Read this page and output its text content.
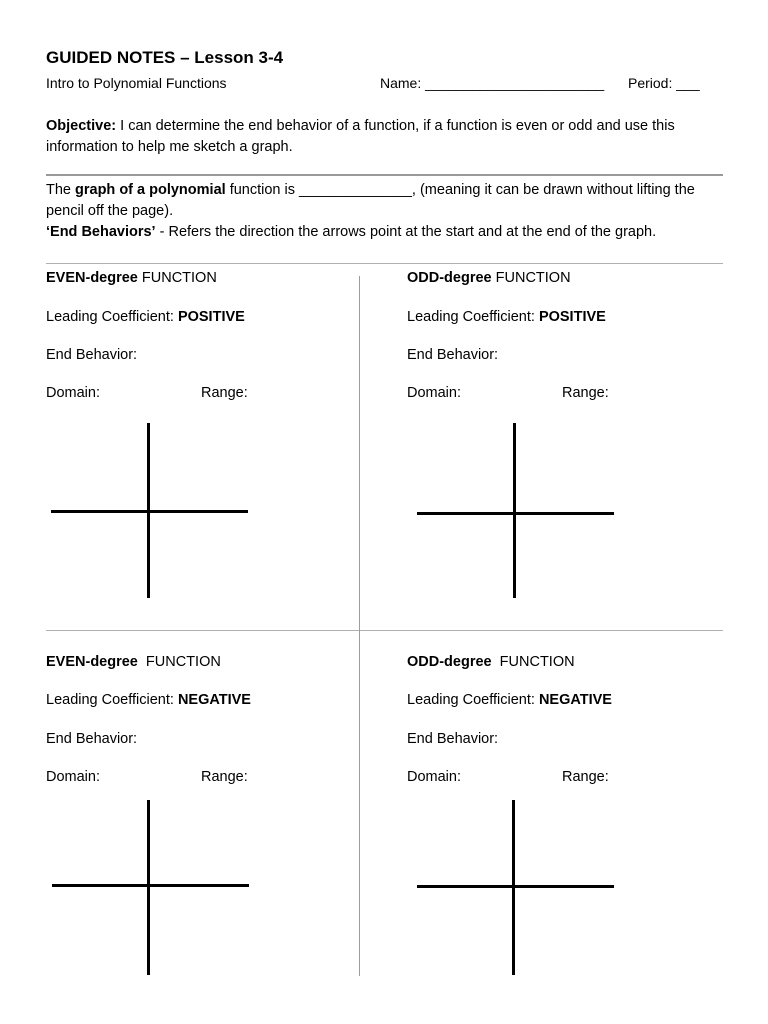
GUIDED NOTES – Lesson 3-4
Intro to Polynomial Functions	Name: _______________________ Period: ___
Objective: I can determine the end behavior of a function, if a function is even or odd and use this information to help me sketch a graph.
The graph of a polynomial function is ______________, (meaning it can be drawn without lifting the pencil off the page).
‘End Behaviors’ - Refers the direction the arrows point at the start and at the end of the graph.
EVEN-degree FUNCTION
Leading Coefficient: POSITIVE
End Behavior:
Domain:	Range:
ODD-degree FUNCTION
Leading Coefficient: POSITIVE
End Behavior:
Domain:	Range:
EVEN-degree  FUNCTION
Leading Coefficient: NEGATIVE
End Behavior:
Domain:	Range:
ODD-degree  FUNCTION
Leading Coefficient: NEGATIVE
End Behavior:
Domain:	Range:
